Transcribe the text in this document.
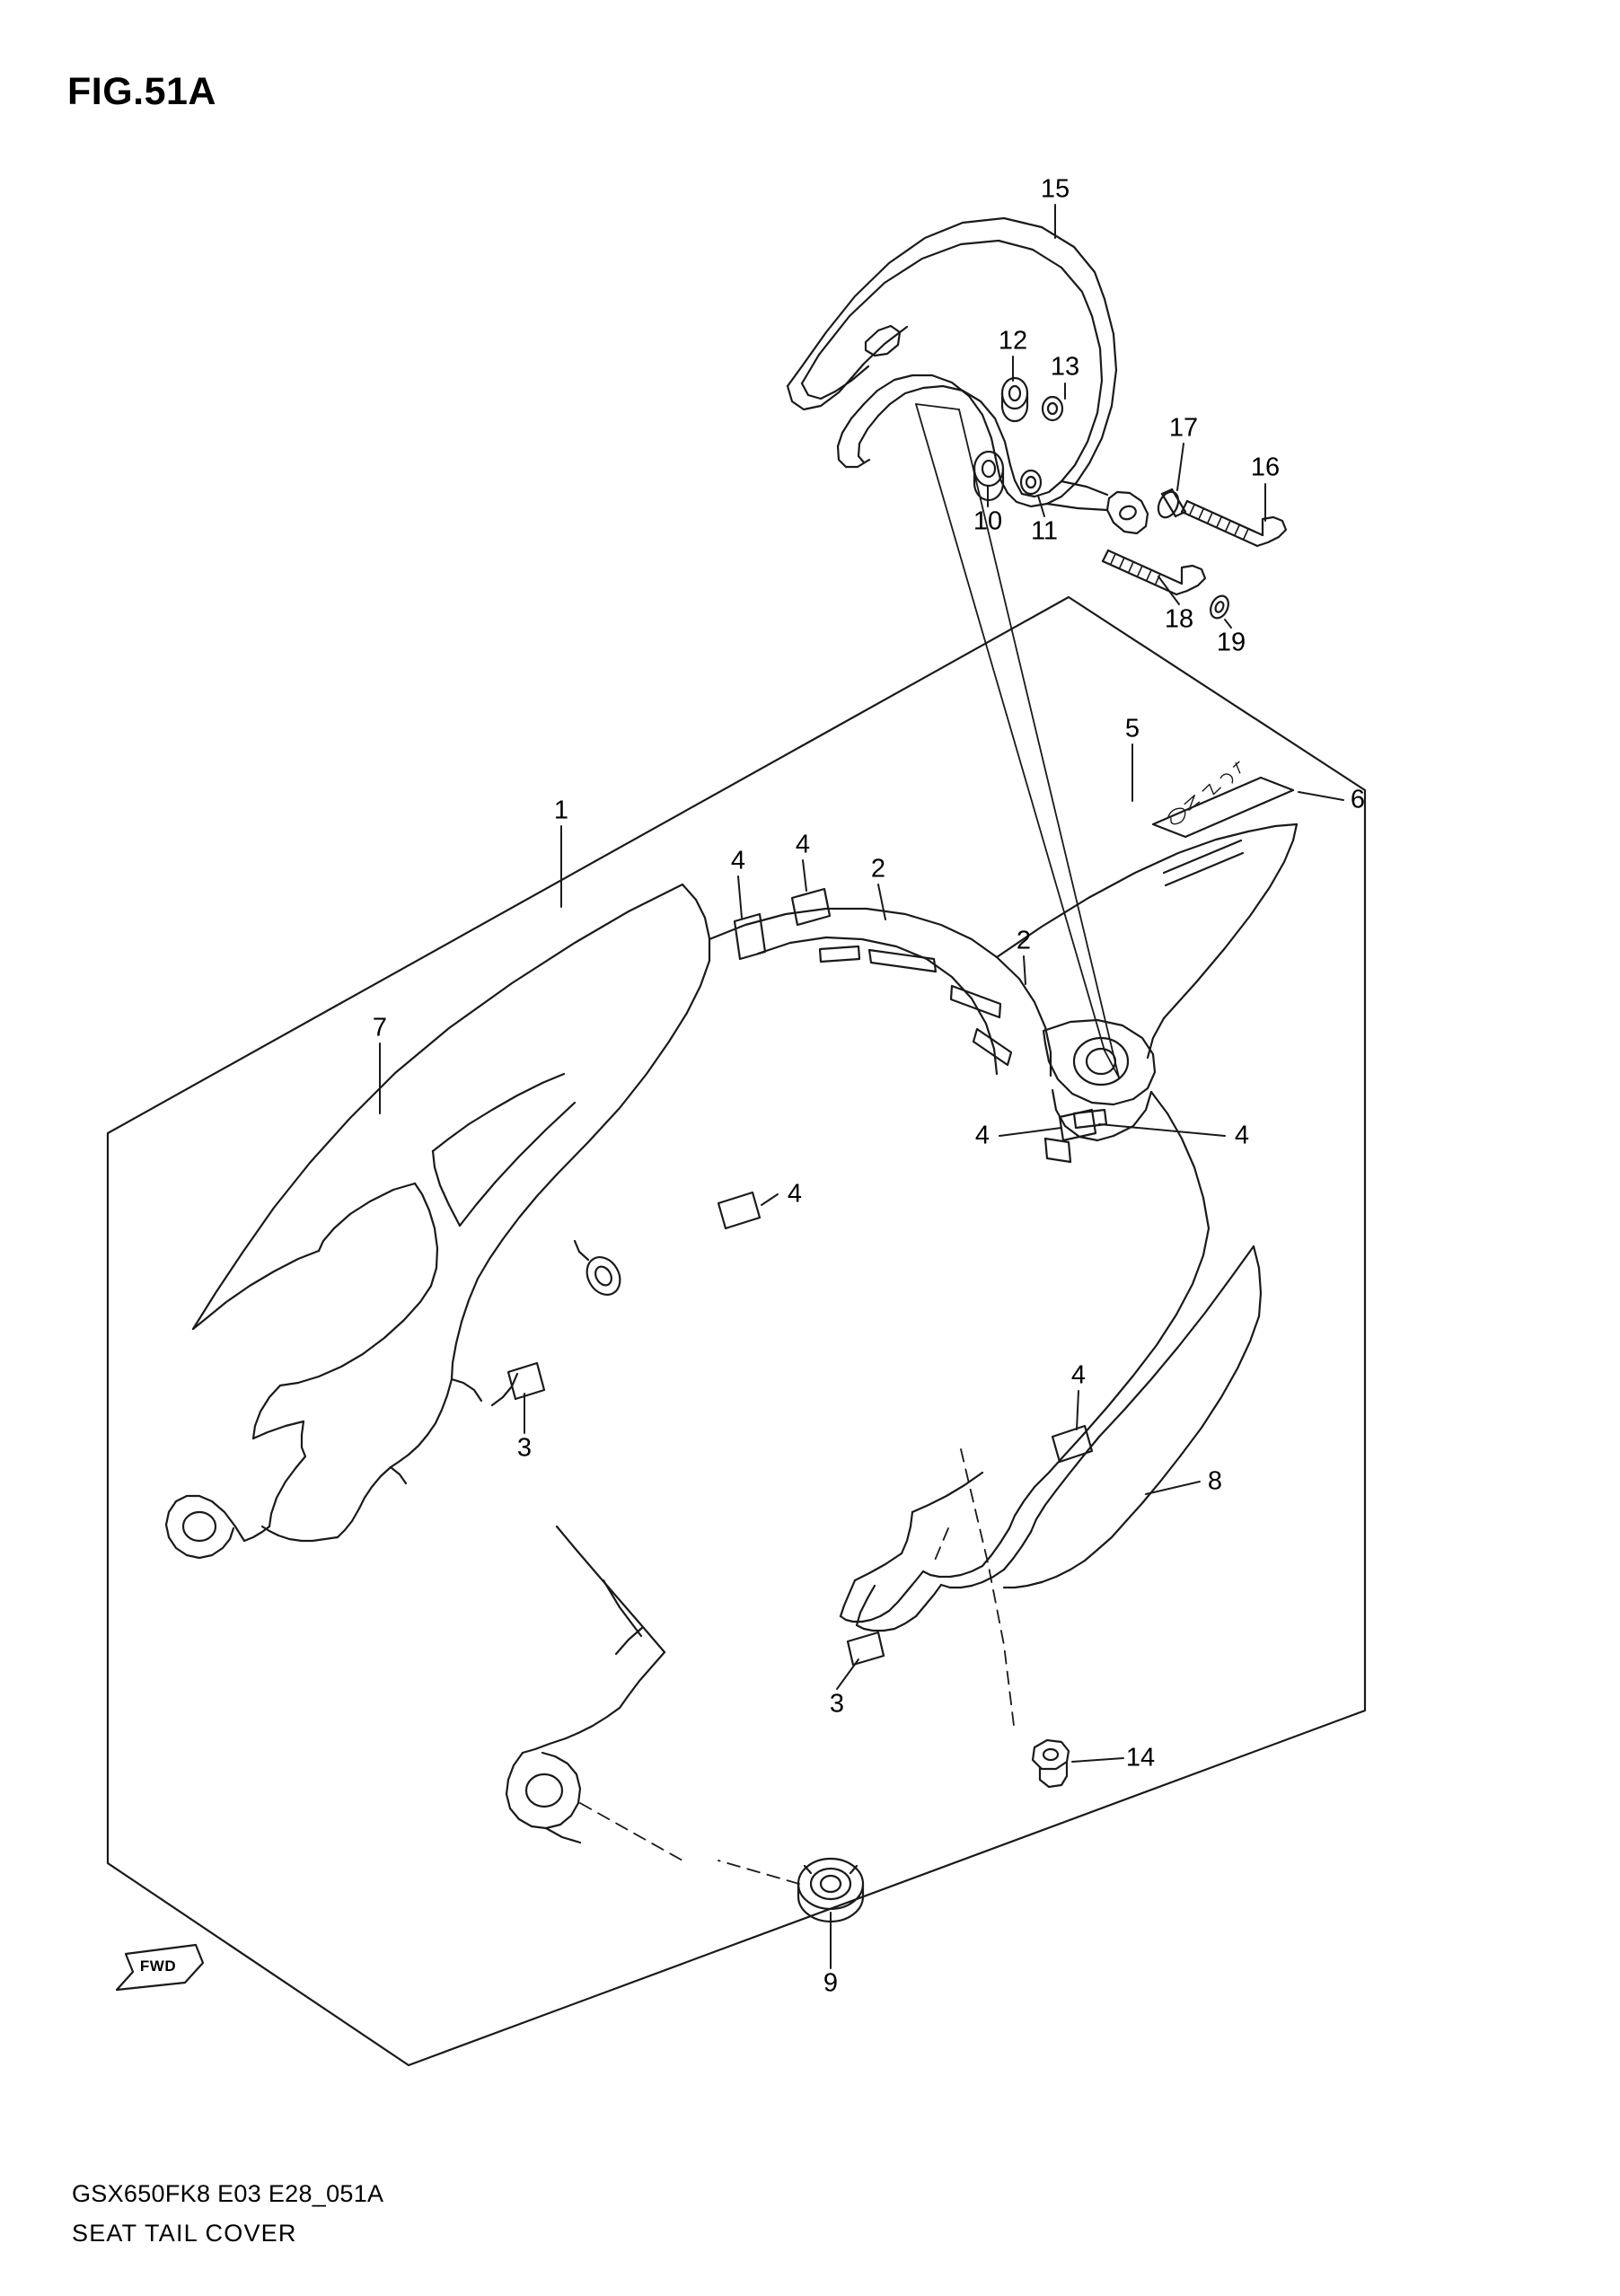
FIG.51A
FWD
15
12
13
17
16
10 11
18
19
1
5
6
4
4
2
2
7
4	4
4
3
4
8
3
14
9
GSX650FK8 E03 E28_051A
SEAT TAIL COVER
